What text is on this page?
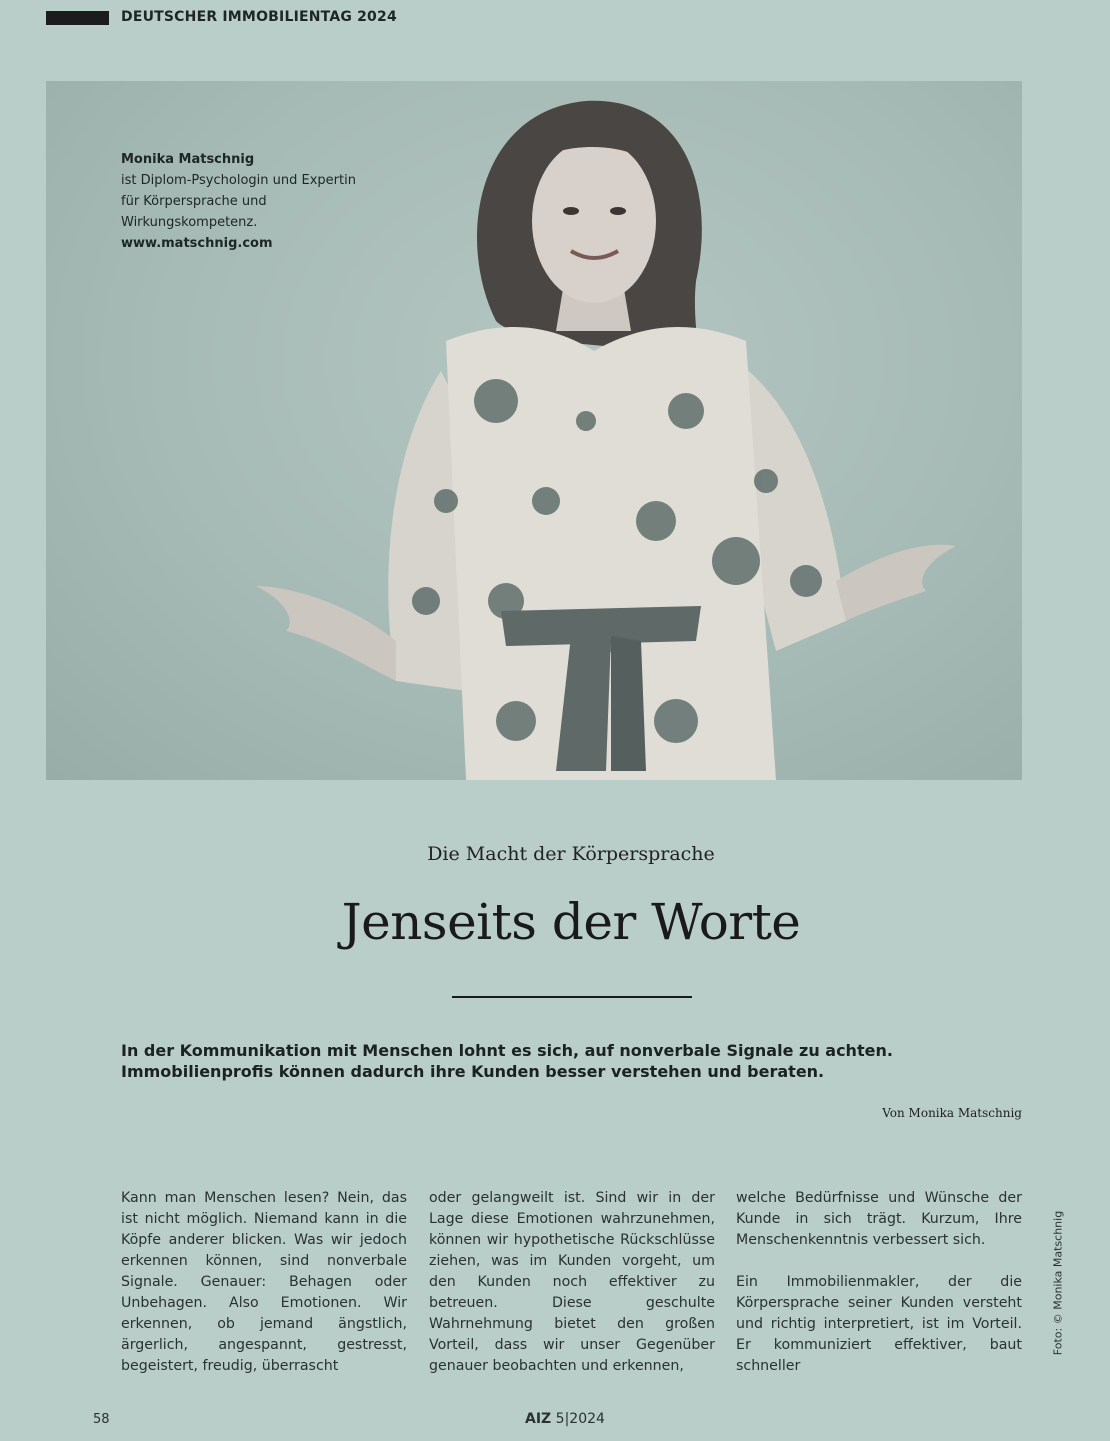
DEUTSCHER IMMOBILIENTAG 2024
Monika Matschnig
ist Diplom-Psychologin und Expertin für Körpersprache und Wirkungskompetenz.
www.matschnig.com
Die Macht der Körpersprache
Jenseits der Worte
In der Kommunikation mit Menschen lohnt es sich, auf nonverbale Signale zu achten. Immobilienprofis können dadurch ihre Kunden besser verstehen und beraten.
Von Monika Matschnig

Kann man Menschen lesen? Nein, das ist nicht möglich. Niemand kann in die Köpfe anderer blicken. Was wir jedoch erkennen können, sind nonverbale Signale. Genauer: Behagen oder Unbehagen. Also Emotionen. Wir erkennen, ob jemand ängstlich, ärgerlich, angespannt, gestresst, begeistert, freudig, überrascht

oder gelangweilt ist. Sind wir in der Lage diese Emotionen wahrzunehmen, können wir hypothetische Rückschlüsse ziehen, was im Kunden vorgeht, um den Kunden noch effektiver zu betreuen. Diese geschulte Wahrnehmung bietet den großen Vorteil, dass wir unser Gegenüber genauer beobachten und erkennen,

welche Bedürfnisse und Wünsche der Kunde in sich trägt. Kurzum, Ihre Menschenkenntnis verbessert sich.

Ein Immobilienmakler, der die Körpersprache seiner Kunden versteht und richtig interpretiert, ist im Vorteil. Er kommuniziert effektiver, baut schneller

Foto: © Monika Matschnig
58	AIZ 5|2024
